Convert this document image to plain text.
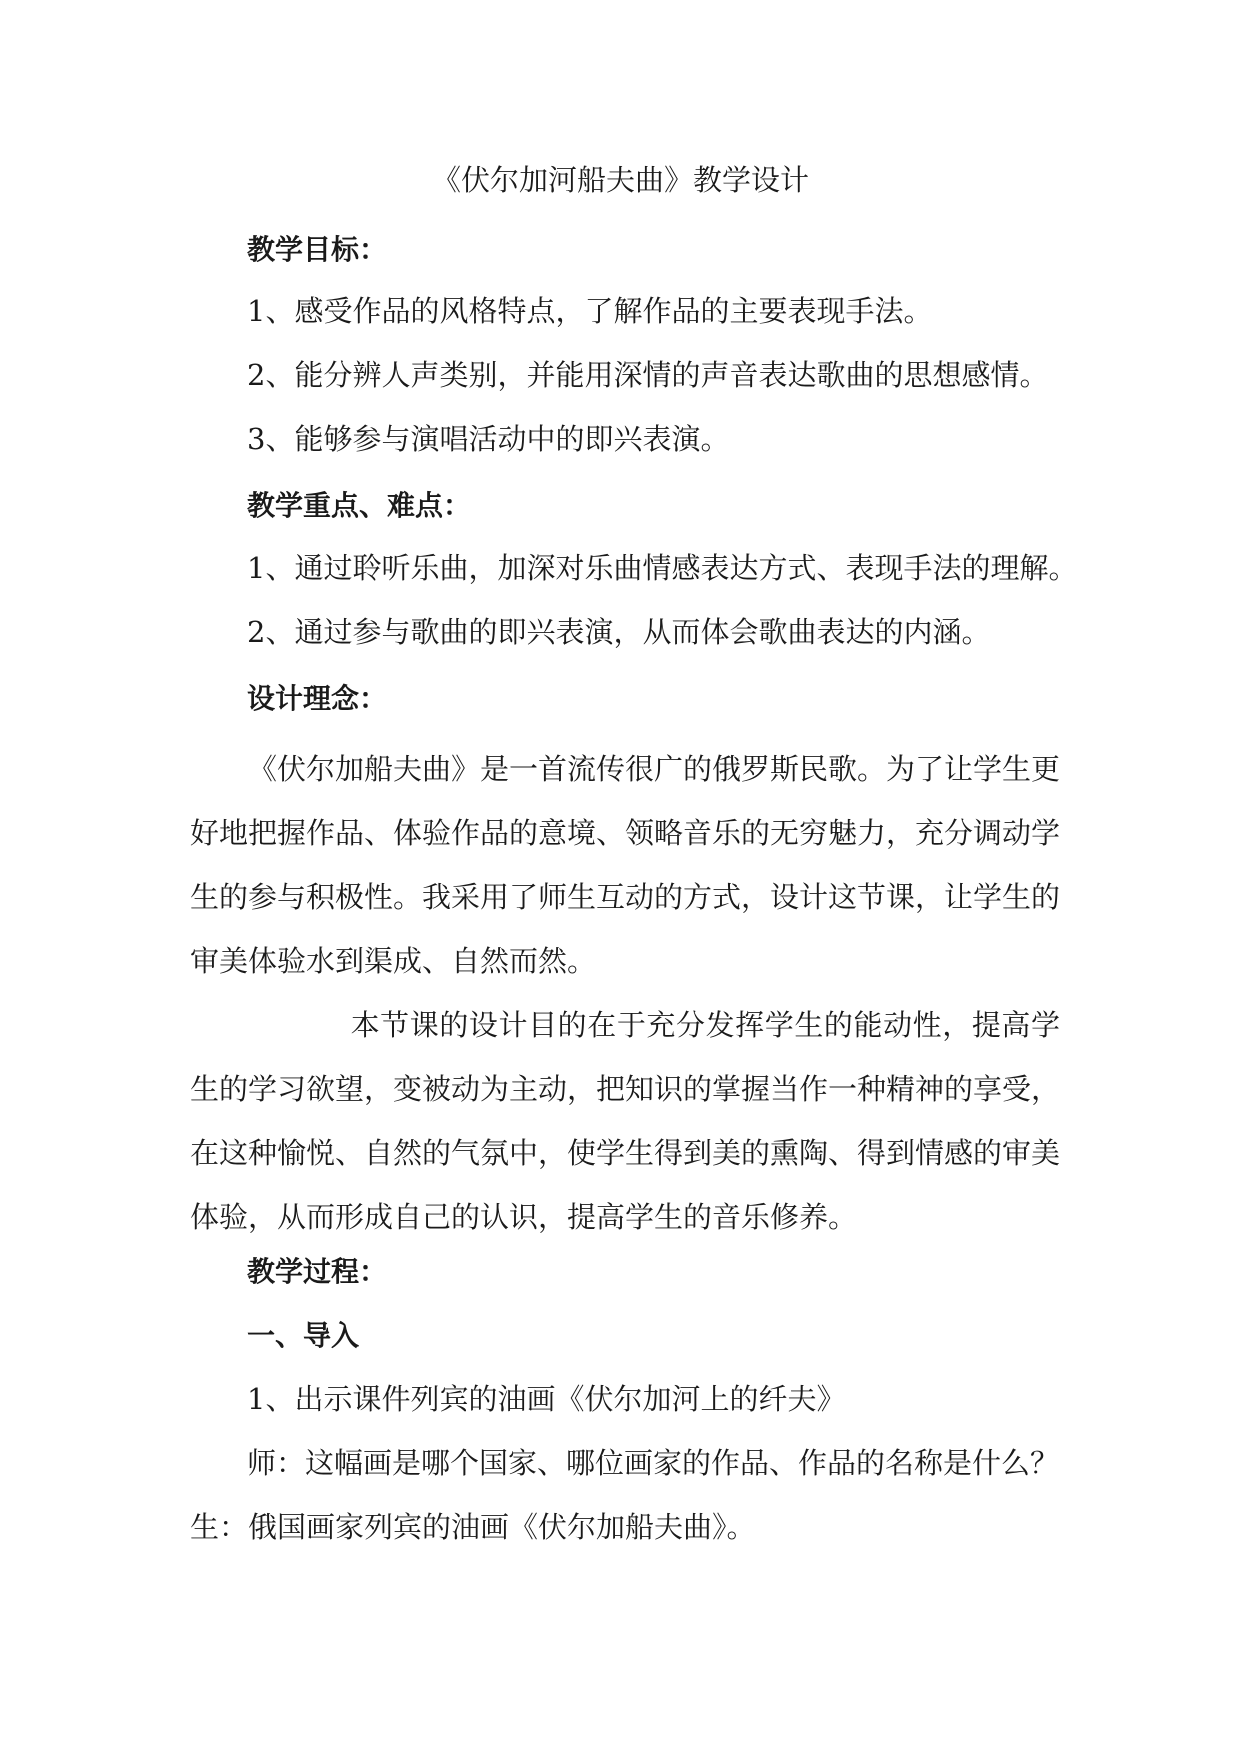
《伏尔加河船夫曲》教学设计
教学目标：
1、感受作品的风格特点，了解作品的主要表现手法。
2、能分辨人声类别，并能用深情的声音表达歌曲的思想感情。
3、能够参与演唱活动中的即兴表演。
教学重点、难点：
1、通过聆听乐曲，加深对乐曲情感表达方式、表现手法的理解。
2、通过参与歌曲的即兴表演，从而体会歌曲表达的内涵。
设计理念：
《伏尔加船夫曲》是一首流传很广的俄罗斯民歌。为了让学生更好地把握作品、体验作品的意境、领略音乐的无穷魅力，充分调动学生的参与积极性。我采用了师生互动的方式，设计这节课，让学生的审美体验水到渠成、自然而然。
本节课的设计目的在于充分发挥学生的能动性，提高学生的学习欲望，变被动为主动，把知识的掌握当作一种精神的享受，在这种愉悦、自然的气氛中，使学生得到美的熏陶、得到情感的审美体验，从而形成自己的认识，提高学生的音乐修养。
教学过程：
一、导入
1、出示课件列宾的油画《伏尔加河上的纤夫》
师：这幅画是哪个国家、哪位画家的作品、作品的名称是什么？
生：俄国画家列宾的油画《伏尔加船夫曲》。
